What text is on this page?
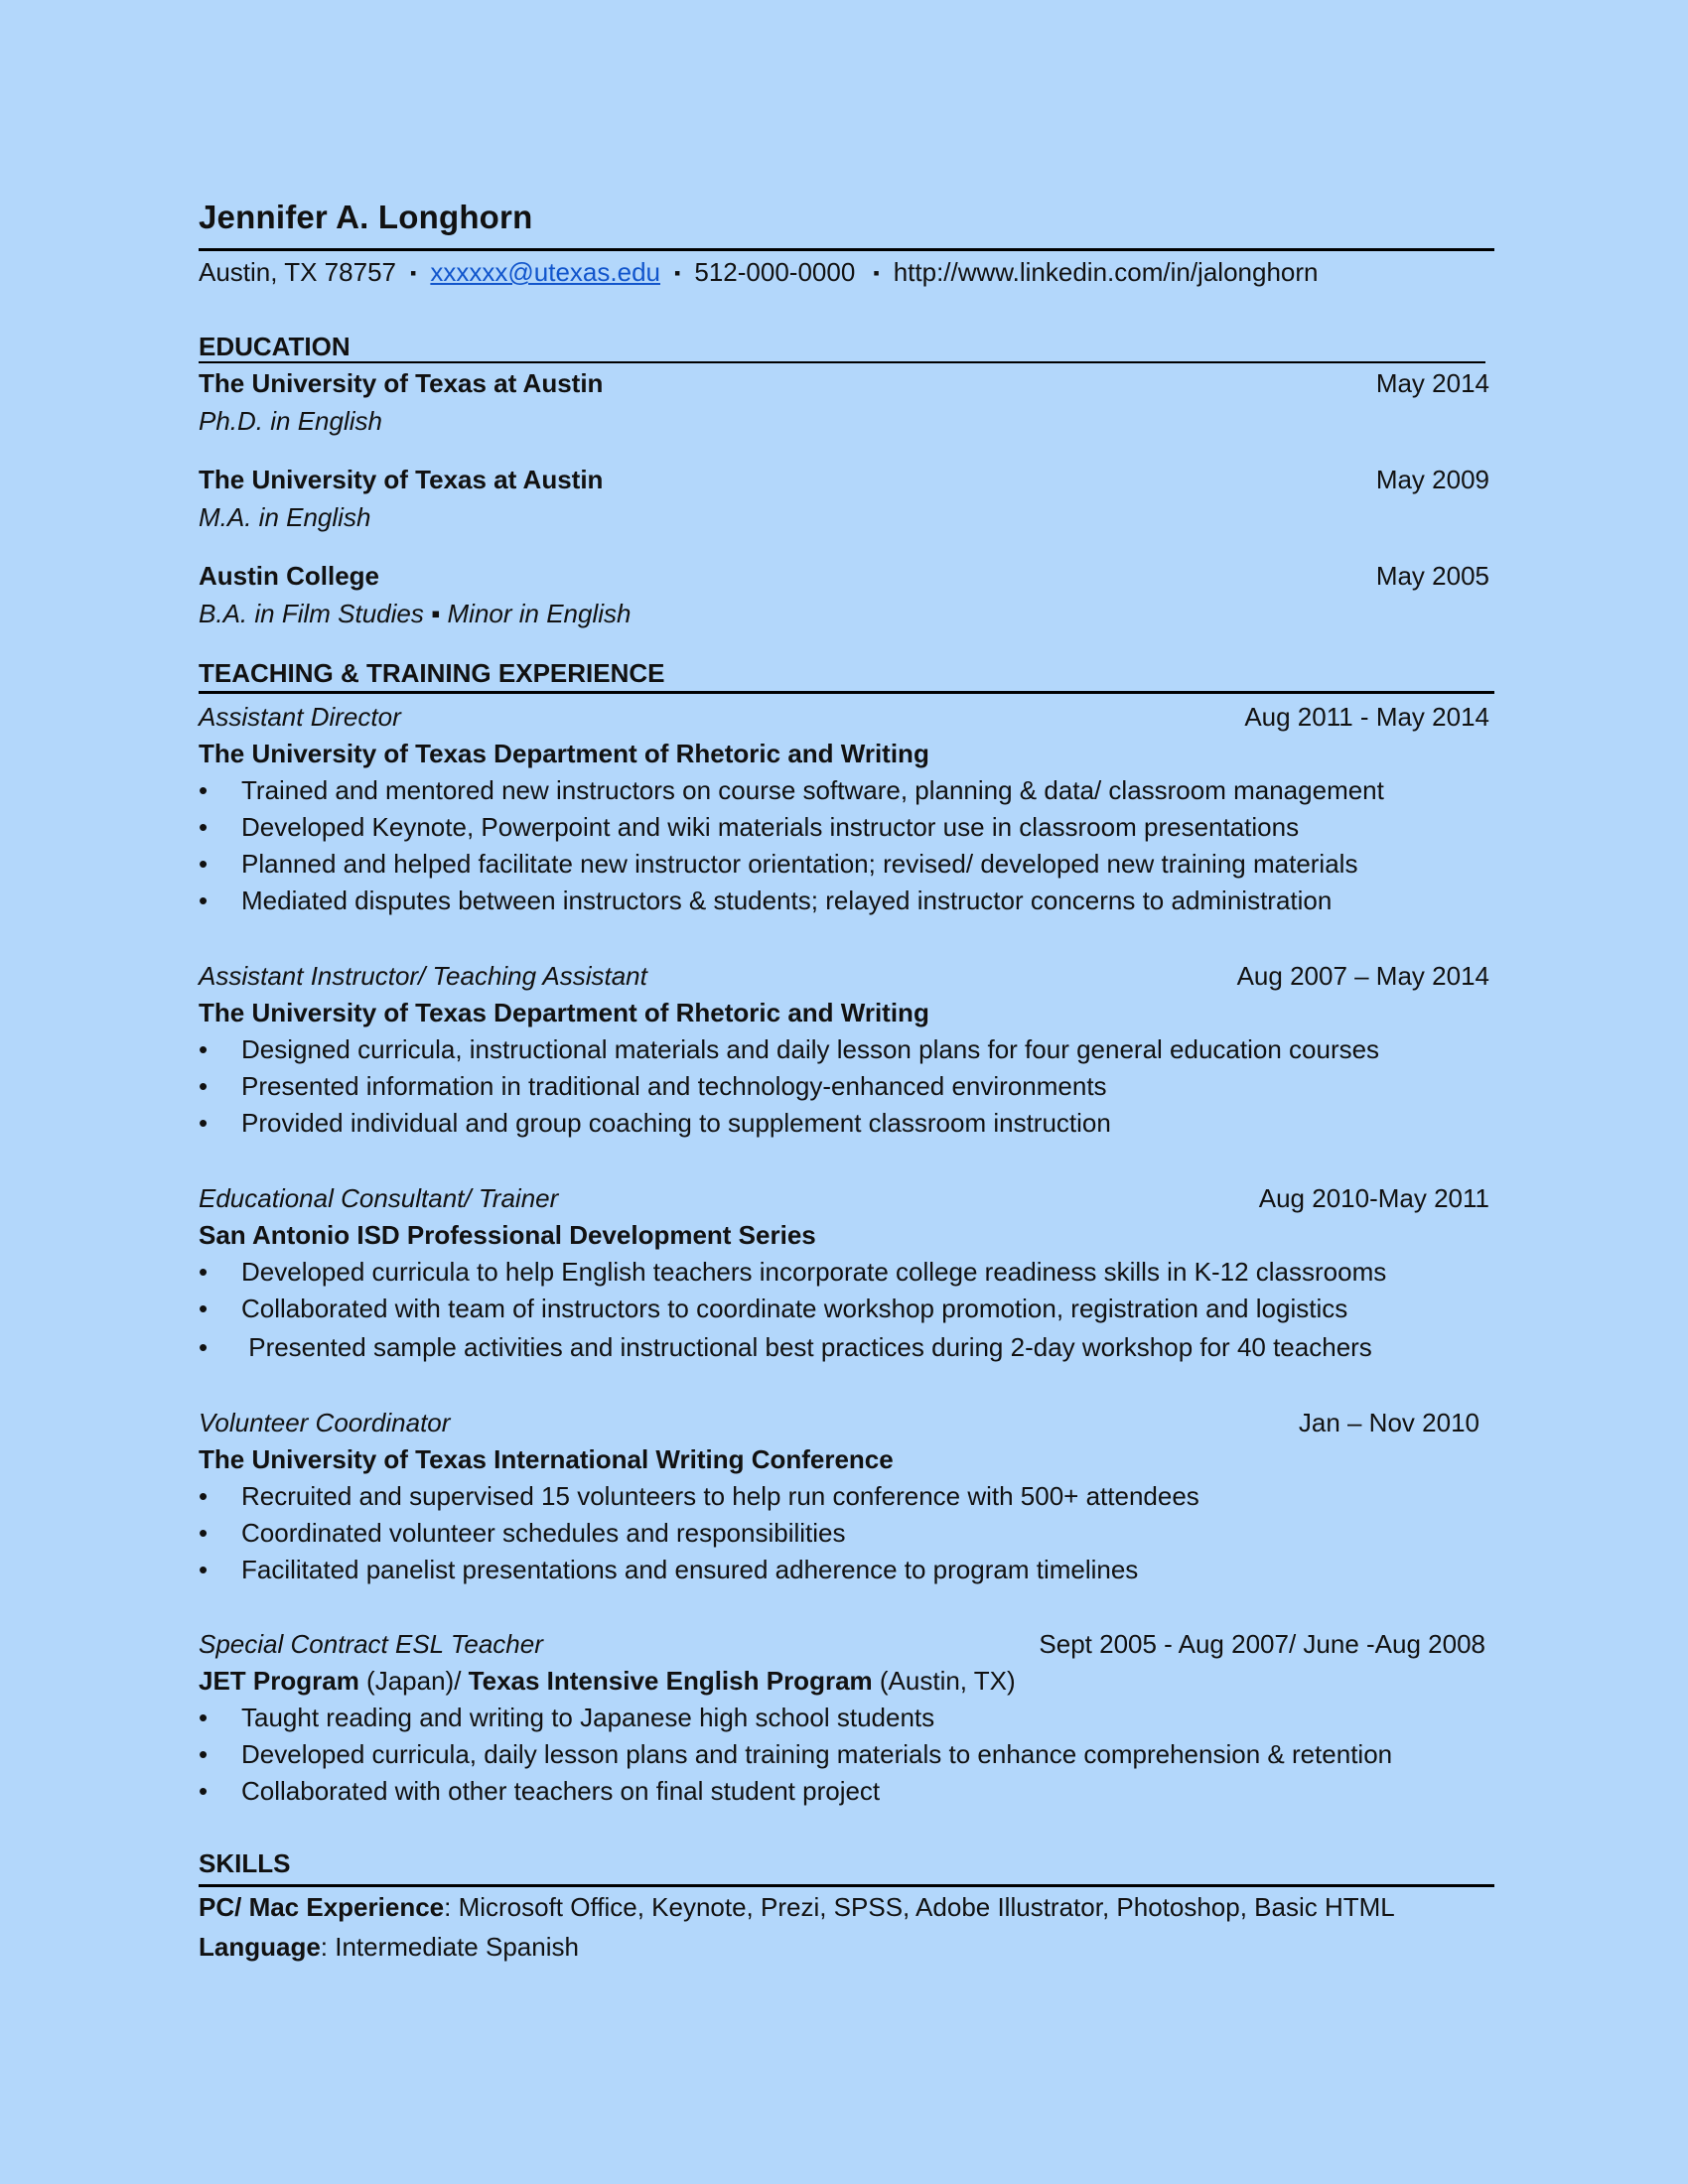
Jennifer A. Longhorn
Austin, TX 78757 ▪ xxxxxx@utexas.edu ▪ 512-000-0000 ▪ http://www.linkedin.com/in/jalonghorn
EDUCATION
The University of Texas at Austin	May 2014
Ph.D. in English
The University of Texas at Austin	May 2009
M.A. in English
Austin College	May 2005
B.A. in Film Studies ▪ Minor in English
TEACHING & TRAINING EXPERIENCE
Assistant Director	Aug 2011 - May 2014
The University of Texas Department of Rhetoric and Writing
• Trained and mentored new instructors on course software, planning & data/ classroom management
• Developed Keynote, Powerpoint and wiki materials instructor use in classroom presentations
• Planned and helped facilitate new instructor orientation; revised/ developed new training materials
• Mediated disputes between instructors & students; relayed instructor concerns to administration
Assistant Instructor/ Teaching Assistant	Aug 2007 – May 2014
The University of Texas Department of Rhetoric and Writing
• Designed curricula, instructional materials and daily lesson plans for four general education courses
• Presented information in traditional and technology-enhanced environments
• Provided individual and group coaching to supplement classroom instruction
Educational Consultant/ Trainer	Aug 2010-May 2011
San Antonio ISD Professional Development Series
• Developed curricula to help English teachers incorporate college readiness skills in K-12 classrooms
• Collaborated with team of instructors to coordinate workshop promotion, registration and logistics
• Presented sample activities and instructional best practices during 2-day workshop for 40 teachers
Volunteer Coordinator	Jan – Nov 2010
The University of Texas International Writing Conference
• Recruited and supervised 15 volunteers to help run conference with 500+ attendees
• Coordinated volunteer schedules and responsibilities
• Facilitated panelist presentations and ensured adherence to program timelines
Special Contract ESL Teacher	Sept 2005 - Aug 2007/ June -Aug 2008
JET Program (Japan)/ Texas Intensive English Program (Austin, TX)
• Taught reading and writing to Japanese high school students
• Developed curricula, daily lesson plans and training materials to enhance comprehension & retention
• Collaborated with other teachers on final student project
SKILLS
PC/ Mac Experience: Microsoft Office, Keynote, Prezi, SPSS, Adobe Illustrator, Photoshop, Basic HTML
Language: Intermediate Spanish
